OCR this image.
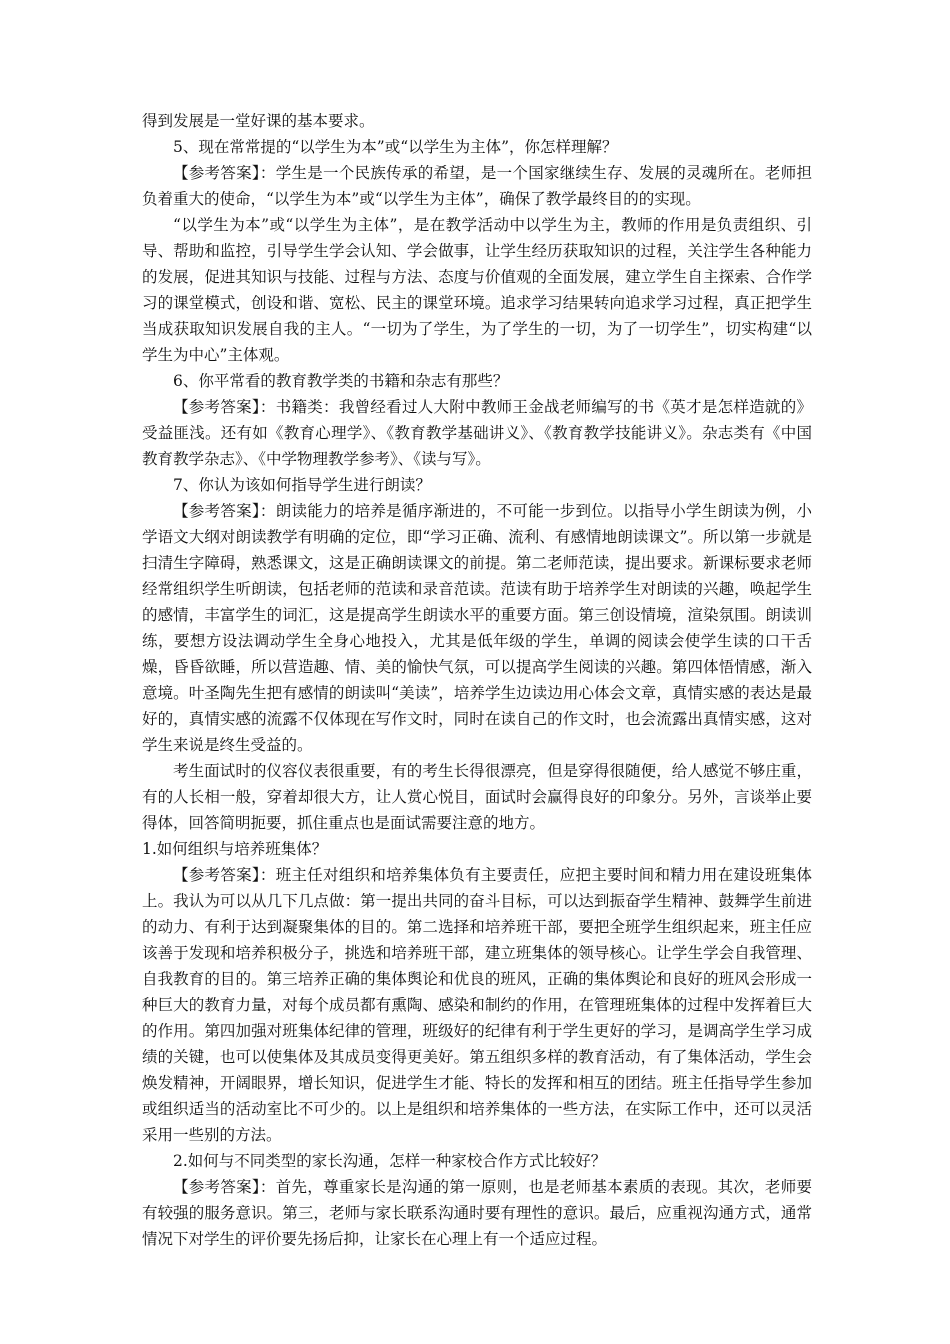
得到发展是一堂好课的基本要求。

5、现在常常提的“以学生为本”或“以学生为主体”，你怎样理解？

【参考答案】：学生是一个民族传承的希望，是一个国家继续生存、发展的灵魂所在。老师担负着重大的使命，“以学生为本”或“以学生为主体”，确保了教学最终目的的实现。

“以学生为本”或“以学生为主体”，是在教学活动中以学生为主，教师的作用是负责组织、引导、帮助和监控，引导学生学会认知、学会做事，让学生经历获取知识的过程，关注学生各种能力的发展，促进其知识与技能、过程与方法、态度与价值观的全面发展，建立学生自主探索、合作学习的课堂模式，创设和谐、宽松、民主的课堂环境。追求学习结果转向追求学习过程，真正把学生当成获取知识发展自我的主人。“一切为了学生，为了学生的一切，为了一切学生”，切实构建“以学生为中心”主体观。

6、你平常看的教育教学类的书籍和杂志有那些？

【参考答案】：书籍类：我曾经看过人大附中教师王金战老师编写的书《英才是怎样造就的》受益匪浅。还有如《教育心理学》、《教育教学基础讲义》、《教育教学技能讲义》。杂志类有《中国教育教学杂志》、《中学物理教学参考》、《读与写》。

7、你认为该如何指导学生进行朗读？

【参考答案】：朗读能力的培养是循序渐进的，不可能一步到位。以指导小学生朗读为例，小学语文大纲对朗读教学有明确的定位，即“学习正确、流利、有感情地朗读课文”。所以第一步就是扫清生字障碍，熟悉课文，这是正确朗读课文的前提。第二老师范读，提出要求。新课标要求老师经常组织学生听朗读，包括老师的范读和录音范读。范读有助于培养学生对朗读的兴趣，唤起学生的感情，丰富学生的词汇，这是提高学生朗读水平的重要方面。第三创设情境，渲染氛围。朗读训练，要想方设法调动学生全身心地投入，尤其是低年级的学生，单调的阅读会使学生读的口干舌燥，昏昏欲睡，所以营造趣、情、美的愉快气氛，可以提高学生阅读的兴趣。第四体悟情感，渐入意境。叶圣陶先生把有感情的朗读叫“美读”，培养学生边读边用心体会文章，真情实感的表达是最好的，真情实感的流露不仅体现在写作文时，同时在读自己的作文时，也会流露出真情实感，这对学生来说是终生受益的。

考生面试时的仪容仪表很重要，有的考生长得很漂亮，但是穿得很随便，给人感觉不够庄重，有的人长相一般，穿着却很大方，让人赏心悦目，面试时会赢得良好的印象分。另外，言谈举止要得体，回答简明扼要，抓住重点也是面试需要注意的地方。

1.如何组织与培养班集体？

【参考答案】：班主任对组织和培养集体负有主要责任，应把主要时间和精力用在建设班集体上。我认为可以从几下几点做：第一提出共同的奋斗目标，可以达到振奋学生精神、鼓舞学生前进的动力、有利于达到凝聚集体的目的。第二选择和培养班干部，要把全班学生组织起来，班主任应该善于发现和培养积极分子，挑选和培养班干部，建立班集体的领导核心。让学生学会自我管理、自我教育的目的。第三培养正确的集体舆论和优良的班风，正确的集体舆论和良好的班风会形成一种巨大的教育力量，对每个成员都有熏陶、感染和制约的作用，在管理班集体的过程中发挥着巨大的作用。第四加强对班集体纪律的管理，班级好的纪律有利于学生更好的学习，是调高学生学习成绩的关键，也可以使集体及其成员变得更美好。第五组织多样的教育活动，有了集体活动，学生会焕发精神，开阔眼界，增长知识，促进学生才能、特长的发挥和相互的团结。班主任指导学生参加或组织适当的活动室比不可少的。以上是组织和培养集体的一些方法，在实际工作中，还可以灵活采用一些别的方法。

2.如何与不同类型的家长沟通，怎样一种家校合作方式比较好？

【参考答案】：首先，尊重家长是沟通的第一原则，也是老师基本素质的表现。其次，老师要有较强的服务意识。第三，老师与家长联系沟通时要有理性的意识。最后，应重视沟通方式，通常情况下对学生的评价要先扬后抑，让家长在心理上有一个适应过程。
